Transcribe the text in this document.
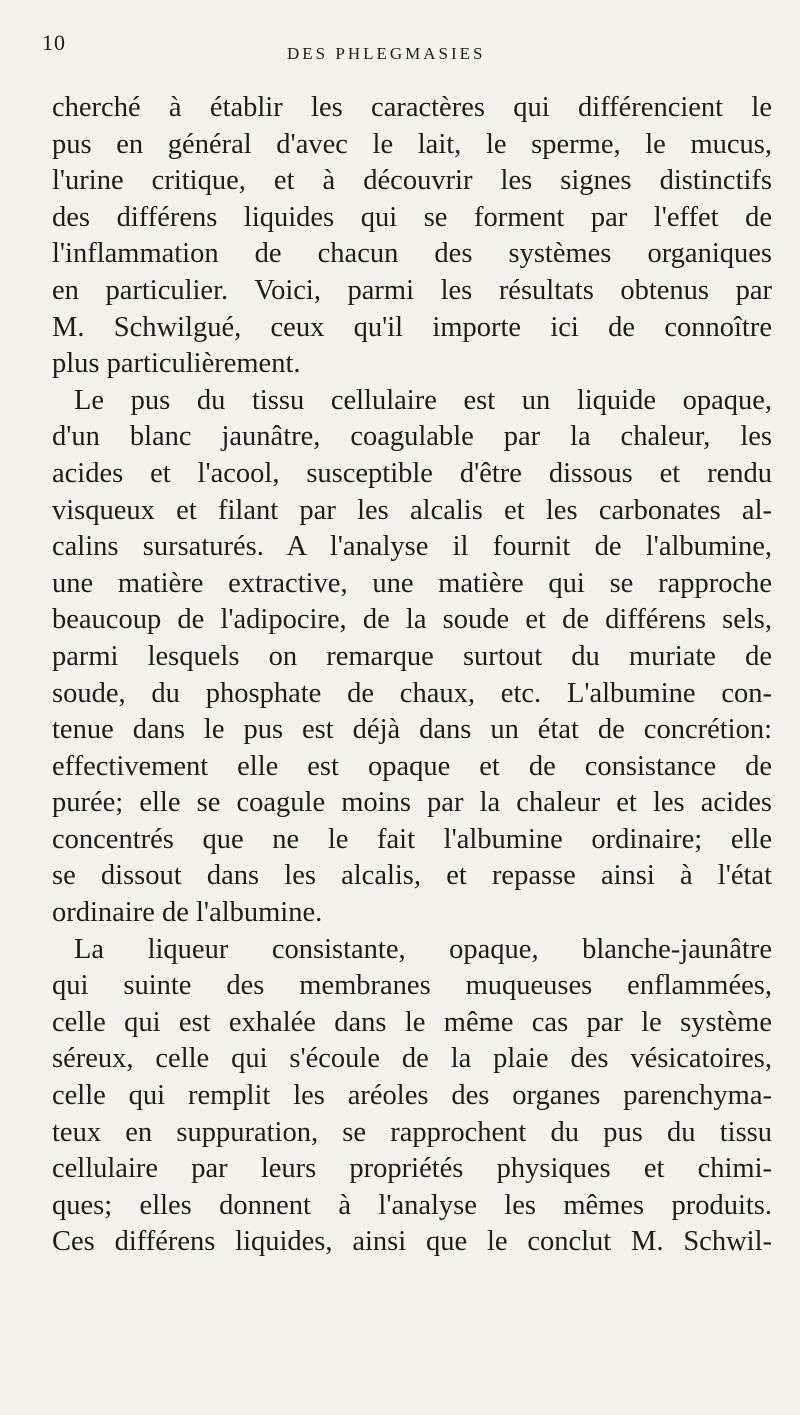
10	DES PHLEGMASIES
cherché à établir les caractères qui différencient le
pus en général d'avec le lait, le sperme, le mucus,
l'urine critique, et à découvrir les signes distinctifs
des différens liquides qui se forment par l'effet de
l'inflammation de chacun des systèmes organiques
en particulier. Voici, parmi les résultats obtenus par
M. Schwilgué, ceux qu'il importe ici de connoître
plus particulièrement.
Le pus du tissu cellulaire est un liquide opaque,
d'un blanc jaunâtre, coagulable par la chaleur, les
acides et l'acool, susceptible d'être dissous et rendu
visqueux et filant par les alcalis et les carbonates al-
calins sursaturés. A l'analyse il fournit de l'albumine,
une matière extractive, une matière qui se rapproche
beaucoup de l'adipocire, de la soude et de différens sels,
parmi lesquels on remarque surtout du muriate de
soude, du phosphate de chaux, etc. L'albumine con-
tenue dans le pus est déjà dans un état de concrétion:
effectivement elle est opaque et de consistance de
purée; elle se coagule moins par la chaleur et les acides
concentrés que ne le fait l'albumine ordinaire; elle
se dissout dans les alcalis, et repasse ainsi à l'état
ordinaire de l'albumine.
La liqueur consistante, opaque, blanche-jaunâtre
qui suinte des membranes muqueuses enflammées,
celle qui est exhalée dans le même cas par le système
séreux, celle qui s'écoule de la plaie des vésicatoires,
celle qui remplit les aréoles des organes parenchyma-
teux en suppuration, se rapprochent du pus du tissu
cellulaire par leurs propriétés physiques et chimi-
ques; elles donnent à l'analyse les mêmes produits.
Ces différens liquides, ainsi que le conclut M. Schwil-
